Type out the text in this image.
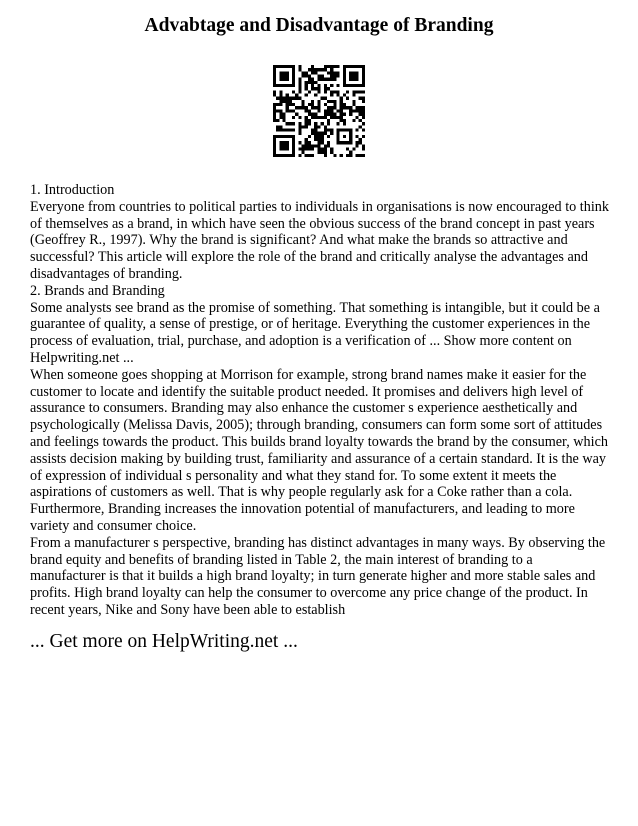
Advabtage and Disadvantage of Branding

1. Introduction

Everyone from countries to political parties to individuals in organisations is now encouraged to think of themselves as a brand, in which have seen the obvious success of the brand concept in past years (Geoffrey R., 1997). Why the brand is significant? And what make the brands so attractive and successful? This article will explore the role of the brand and critically analyse the advantages and disadvantages of branding.

2. Brands and Branding

Some analysts see brand as the promise of something. That something is intangible, but it could be a guarantee of quality, a sense of prestige, or of heritage. Everything the customer experiences in the process of evaluation, trial, purchase, and adoption is a verification of ... Show more content on Helpwriting.net ...

When someone goes shopping at Morrison for example, strong brand names make it easier for the customer to locate and identify the suitable product needed. It promises and delivers high level of assurance to consumers. Branding may also enhance the customer s experience aesthetically and psychologically (Melissa Davis, 2005); through branding, consumers can form some sort of attitudes and feelings towards the product. This builds brand loyalty towards the brand by the consumer, which assists decision making by building trust, familiarity and assurance of a certain standard. It is the way of expression of individual s personality and what they stand for. To some extent it meets the aspirations of customers as well. That is why people regularly ask for a Coke rather than a cola. Furthermore, Branding increases the innovation potential of manufacturers, and leading to more variety and consumer choice.

From a manufacturer s perspective, branding has distinct advantages in many ways. By observing the brand equity and benefits of branding listed in Table 2, the main interest of branding to a manufacturer is that it builds a high brand loyalty; in turn generate higher and more stable sales and profits. High brand loyalty can help the consumer to overcome any price change of the product. In recent years, Nike and Sony have been able to establish

... Get more on HelpWriting.net ...
